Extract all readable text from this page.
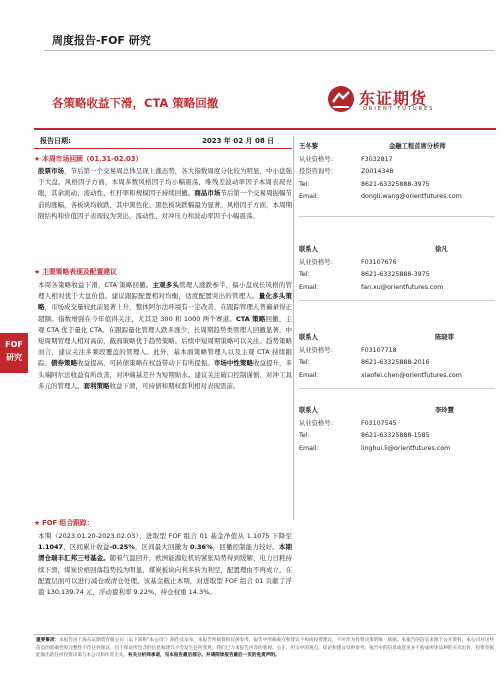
周度报告-FOF 研究
各策略收益下滑，CTA 策略回撤	东证期货
ORIENT FUTURES
报告日期:	2023 年 02 月 08 日
★ 本周市场回顾（01.31-02.03）
股票市场，节后第一个交易周总体呈现上涨态势，各大指数周度分化较为明显，中小盘强于大盘。风格因子方面，本周多数风格因子均小幅震荡，唯残差波动率因子本周表现亮眼，其余流动、流动性、杠杆率和规模因子持续回撤。商品市场节后第一个交易周振幅节前的涨幅，各板块均收跌，其中黑色化、黑色板块跌幅最为显著。风格因子方面，本周期限结构和价值因子表现较为突出，流动性、对冲压力和波动率因子小幅震荡。
★ 主要策略表现及配置建议
本周各策略收益下滑，CTA 策略回撤。主观多头管理人涨跌参半，偏小盘成长风格的管理人相对优于大盘价值。建议跟踪配置相对均衡，适度配置突出的管理人。量化多头策略，市场成交量较此前显著上升，整体阿尔法环境有一定改善，在跟踪管理人普遍录得正超额。指数增强在今年值得关注，尤其是 300 和 1000 两个赛道。CTA 策略回撤，主观 CTA 优于量化 CTA。在跟踪量化管理人跌多涨少，长周期趋势类管理人回撤显著，中短周期管理人相对高前，截面策略优于趋势策略。后续中短周期策略可以关注。趋势策略而言，建议关注多频段覆盖的管理人。此外，基本面策略管理人以及主观 CTA 持续跟踪。债券策略收益提高，可转债策略在权益带动下有所提振。市场中性策略收益提升，多头端阿尔法收益有所改善，对冲端基差升为短期贴水。建议关注破口控制谨慎、对冲工具多元的管理人。套利策略收益下滑，可持债和期权套利相对表现需前。
★ FOF 组合跟踪：
本期（2023.01.20-2023.02.03），进取型 FOF 组合 01 基金净值从 1.1075 下降至 1.1047，区间累计收益-0.25%，区间最大回撤为 0.36%，回撤控制能力较好。本期清仓瑞丰汇邦三号基金。随着气温回升，欧洲能源危机的紧张局势得到缓解，电力日耗持续下滑，煤炭价格回落趋势较为明显，煤炭板块向利多转为利空，配置理由不再成立，在配置层面可以进行减仓或清仓处理。该基金截止本期，对进取型 FOF 组合 01 贡献了浮盈 130,139.74 元，浮动盈利率 9.22%，持仓权重 14.3%。
FOF
研究
王冬黎	金融工程首席分析师
从业资格号：	F3032817
投资咨询号：	Z0014348
Tel：	8621-63325888-3975
Email：	dongli.wang@orientfutures.com
联系人	徐凡
从业资格号：	F03107676
Tel：	8621-63325888-3975
Email：	fan.xu@orientfutures.com
联系人	陈晓菲
从业资格号：	F03107718
Tel：	8621-63325888-2016
Email：	xiaofei.chen@orientfutures.com
联系人	李玲慧
从业资格号：	F03107545
Tel：	8621-63325888-1585
Email：	linghui.li@orientfutures.com
重要事项：本报告由上海东证期货有限公司（以下简称“本公司”）制作及发布，本报告所载资料仅供参考，报告中所载观点和建议不构成投资建议，不应作为投资决策的唯一依据。本报告的信息来源于公开资料，本公司对这些信息的准确性和完整性不作任何保证，也不保证所包含的信息和建议不会发生任何变更。我们已力求报告内容的客观、公正，但文中的观点、结论和建议仅供参考，报告中的信息或意见并不构成所述品种的买卖出价，投资者据此做出的任何投资决策与本公司和作者无关。有关分析师承诺，见本报告最后部分。并请阅读报告最后一页的免责声明。
